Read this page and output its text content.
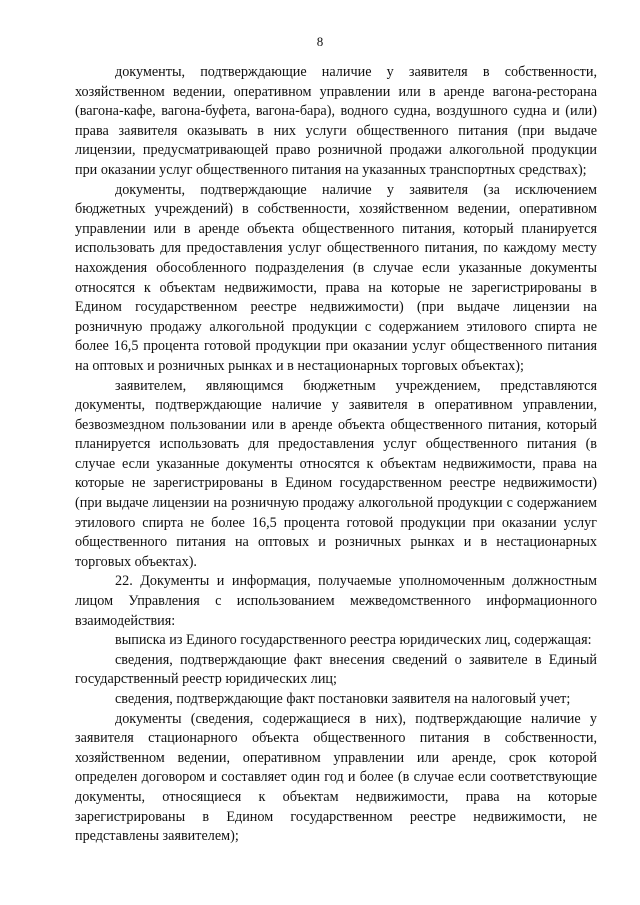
8

документы, подтверждающие наличие у заявителя в собственности, хозяйственном ведении, оперативном управлении или в аренде вагона-ресторана (вагона-кафе, вагона-буфета, вагона-бара), водного судна, воздушного судна и (или) права заявителя оказывать в них услуги общественного питания (при выдаче лицензии, предусматривающей право розничной продажи алкогольной продукции при оказании услуг общественного питания на указанных транспортных средствах);

документы, подтверждающие наличие у заявителя (за исключением бюджетных учреждений) в собственности, хозяйственном ведении, оперативном управлении или в аренде объекта общественного питания, который планируется использовать для предоставления услуг общественного питания, по каждому месту нахождения обособленного подразделения (в случае если указанные документы относятся к объектам недвижимости, права на которые не зарегистрированы в Едином государственном реестре недвижимости) (при выдаче лицензии на розничную продажу алкогольной продукции с содержанием этилового спирта не более 16,5 процента готовой продукции при оказании услуг общественного питания на оптовых и розничных рынках и в нестационарных торговых объектах);

заявителем, являющимся бюджетным учреждением, представляются документы, подтверждающие наличие у заявителя в оперативном управлении, безвозмездном пользовании или в аренде объекта общественного питания, который планируется использовать для предоставления услуг общественного питания (в случае если указанные документы относятся к объектам недвижимости, права на которые не зарегистрированы в Едином государственном реестре недвижимости) (при выдаче лицензии на розничную продажу алкогольной продукции с содержанием этилового спирта не более 16,5 процента готовой продукции при оказании услуг общественного питания на оптовых и розничных рынках и в нестационарных торговых объектах).

22. Документы и информация, получаемые уполномоченным должностным лицом Управления с использованием межведомственного информационного взаимодействия:

выписка из Единого государственного реестра юридических лиц, содержащая:

сведения, подтверждающие факт внесения сведений о заявителе в Единый государственный реестр юридических лиц;

сведения, подтверждающие факт постановки заявителя на налоговый учет;

документы (сведения, содержащиеся в них), подтверждающие наличие у заявителя стационарного объекта общественного питания в собственности, хозяйственном ведении, оперативном управлении или аренде, срок которой определен договором и составляет один год и более (в случае если соответствующие документы, относящиеся к объектам недвижимости, права на которые зарегистрированы в Едином государственном реестре недвижимости, не представлены заявителем);
